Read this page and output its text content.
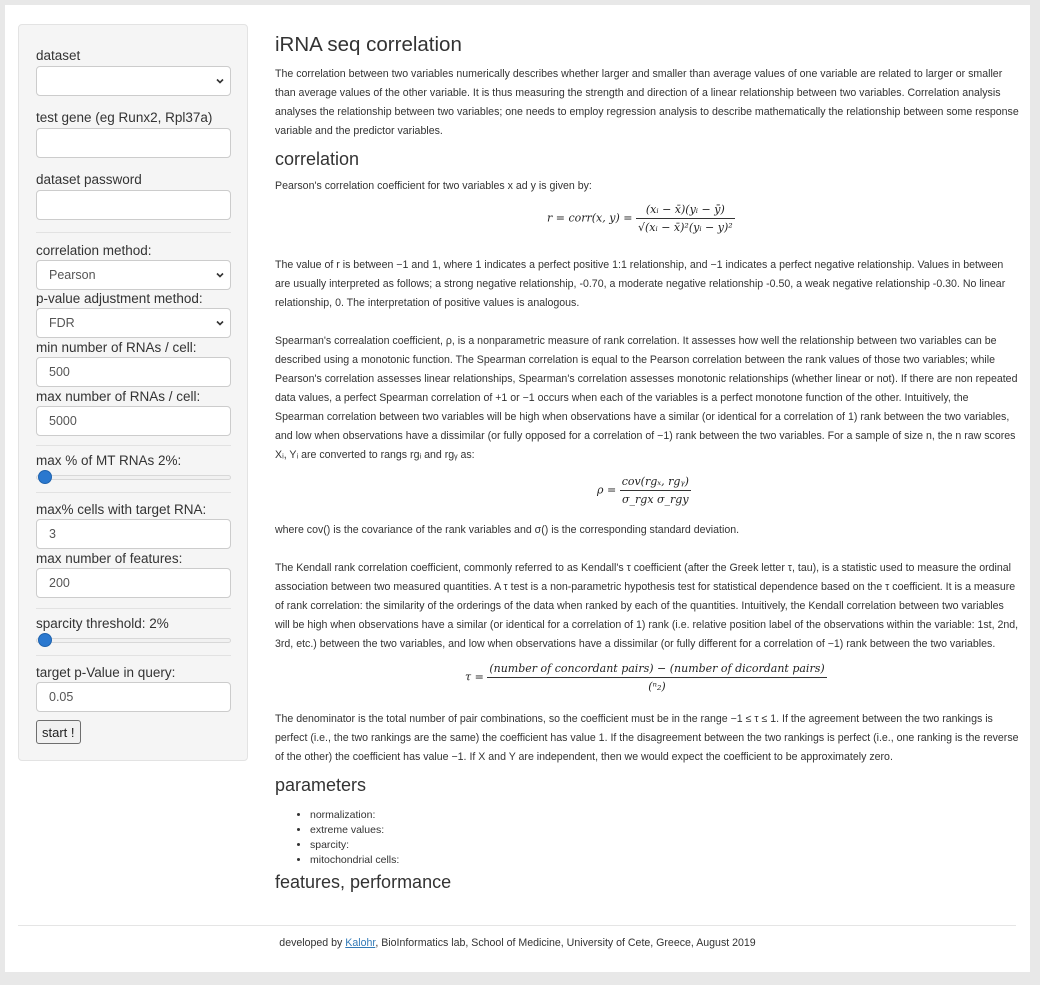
dataset
test gene (eg Runx2, Rpl37a)
dataset password
correlation method:
Pearson
p-value adjustment method:
FDR
min number of RNAs / cell:
500
max number of RNAs / cell:
5000
max % of MT RNAs 2%:
max% cells with target RNA:
3
max number of features:
200
sparcity threshold: 2%
target p-Value in query:
0.05
start !
iRNA seq correlation

The correlation between two variables numerically describes whether larger and smaller than average values of one variable are related to larger or smaller than average values of the other variable. It is thus measuring the strength and direction of a linear relationship between two variables. Correlation analysis analyses the relationship between two variables; one needs to employ regression analysis to describe mathematically the relationship between some response variable and the predictor variables.

correlation

Pearson's correlation coefficient for two variables x ad y is given by:

r = corr(x, $y) = \frac{\text{(xᵢ − x̄)(yᵢ − ȳ)}}{\text{√(xᵢ − x̄)²(yᵢ − y)²}}$

The value of r is between −1 and 1, where 1 indicates a perfect positive 1:1 relationship, and −1 indicates a perfect negative relationship. Values in between are usually interpreted as follows; a strong negative relationship, -0.70, a moderate negative relationship -0.50, a weak negative relationship -0.30. No linear relationship, 0. The interpretation of positive values is analogous.

Spearman's correalation coefficient, ρ, is a nonparametric measure of rank correlation. It assesses how well the relationship between two variables can be described using a monotonic function. The Spearman correlation is equal to the Pearson correlation between the rank values of those two variables; while Pearson's correlation assesses linear relationships, Spearman's correlation assesses monotonic relationships (whether linear or not). If there are non repeated data values, a perfect Spearman correlation of +1 or −1 occurs when each of the variables is a perfect monotone function of the other. Intuitively, the Spearman correlation between two variables will be high when observations have a similar (or identical for a correlation of 1) rank between the two variables, and low when observations have a dissimilar (or fully opposed for a correlation of −1) rank between the two variables. For a sample of size n, the n raw scores Xᵢ, Yᵢ are converted to rangs rgᵢ and rgᵧ as:

$\rho = \frac{\text{cov(rgₓ, rgᵧ)}}{\text{σ\_rgx σ\_rgy}}$

where cov() is the covariance of the rank variables and σ() is the corresponding standard deviation.

The Kendall rank correlation coefficient, commonly referred to as Kendall's τ coefficient (after the Greek letter τ, tau), is a statistic used to measure the ordinal association between two measured quantities. A τ test is a non-parametric hypothesis test for statistical dependence based on the τ coefficient. It is a measure of rank correlation: the similarity of the orderings of the data when ranked by each of the quantities. Intuitively, the Kendall correlation between two variables will be high when observations have a similar (or identical for a correlation of 1) rank (i.e. relative position label of the observations within the variable: 1st, 2nd, 3rd, etc.) between the two variables, and low when observations have a dissimilar (or fully different for a correlation of −1) rank between the two variables.

$\tau = \frac{\text{(number of concordant pairs) − (number of dicordant pairs)}}{\text{(ⁿ₂)}}$

The denominator is the total number of pair combinations, so the coefficient must be in the range −1 ≤ τ ≤ 1. If the agreement between the two rankings is perfect (i.e., the two rankings are the same) the coefficient has value 1. If the disagreement between the two rankings is perfect (i.e., one ranking is the reverse of the other) the coefficient has value −1. If X and Y are independent, then we would expect the coefficient to be approximately zero.

parameters
• normalization:
• extreme values:
• sparcity:
• mitochondrial cells:
features, performance
developed by Kalohr, BioInformatics lab, School of Medicine, University of Cete, Greece, August 2019
